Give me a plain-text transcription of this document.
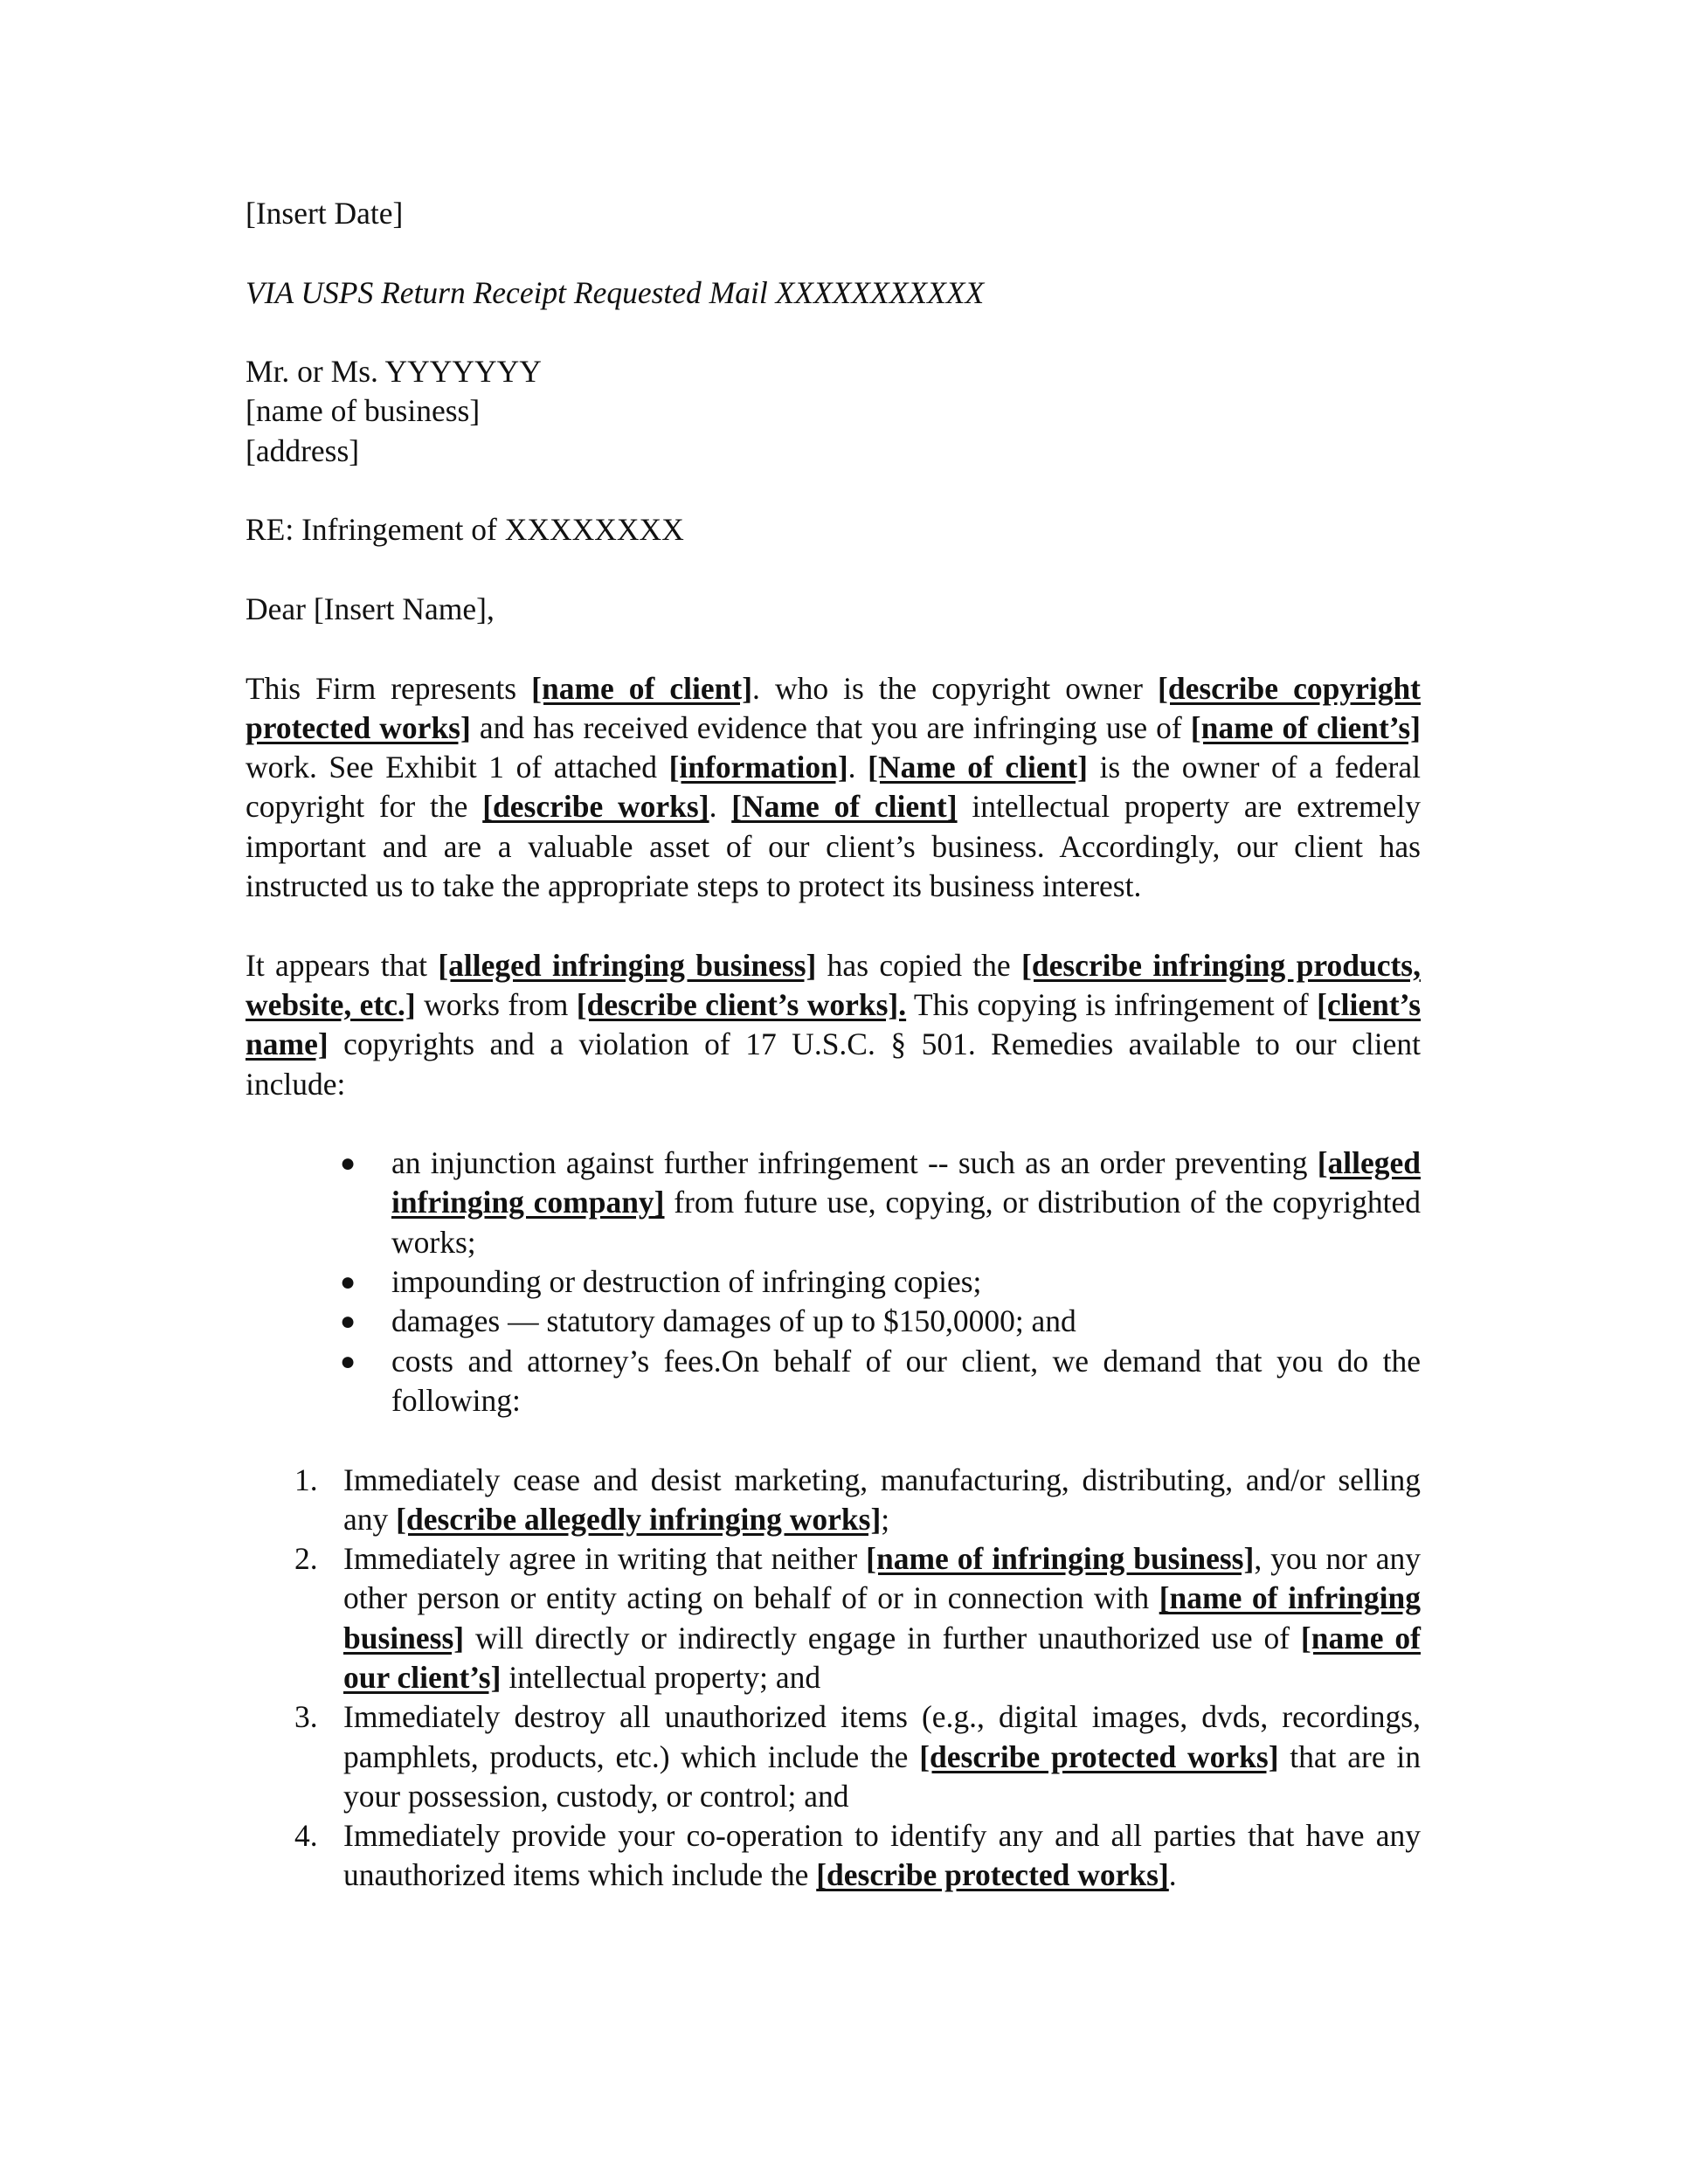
[Insert Date]

VIA USPS Return Receipt Requested Mail XXXXXXXXXXX

Mr. or Ms. YYYYYYY

[name of business]

[address]

RE: Infringement of XXXXXXXX

Dear [Insert Name],

This Firm represents [name of client]. who is the copyright owner [describe copyright protected works] and has received evidence that you are infringing use of [name of client’s] work. See Exhibit 1 of attached [information]. [Name of client] is the owner of a federal copyright for the [describe works]. [Name of client] intellectual property are extremely important and are a valuable asset of our client’s business. Accordingly, our client has instructed us to take the appropriate steps to protect its business interest.

It appears that [alleged infringing business] has copied the [describe infringing products, website, etc.] works from [describe client’s works]. This copying is infringement of [client’s name] copyrights and a violation of 17 U.S.C. § 501. Remedies available to our client include:

● an injunction against further infringement -- such as an order preventing [alleged infringing company] from future use, copying, or distribution of the copyrighted works;
● impounding or destruction of infringing copies;
● damages — statutory damages of up to $150,0000; and
● costs and attorney’s fees.On behalf of our client, we demand that you do the following:
1. Immediately cease and desist marketing, manufacturing, distributing, and/or selling any [describe allegedly infringing works];
2. Immediately agree in writing that neither [name of infringing business], you nor any other person or entity acting on behalf of or in connection with [name of infringing business] will directly or indirectly engage in further unauthorized use of [name of our client’s] intellectual property; and
3. Immediately destroy all unauthorized items (e.g., digital images, dvds, recordings, pamphlets, products, etc.) which include the [describe protected works] that are in your possession, custody, or control; and
4. Immediately provide your co-operation to identify any and all parties that have any unauthorized items which include the [describe protected works].
